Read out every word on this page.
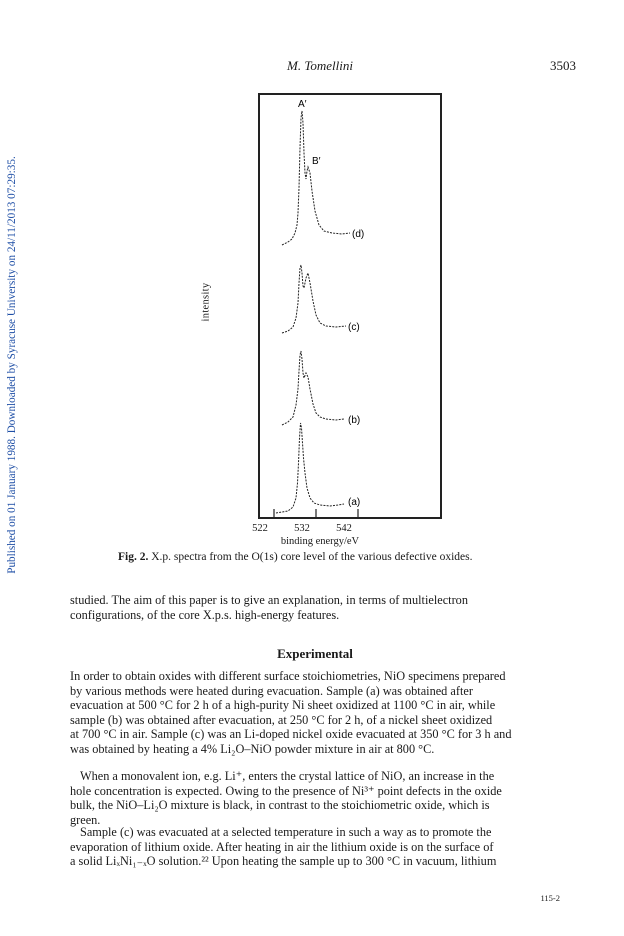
Published on 01 January 1988. Downloaded by Syracuse University on 24/11/2013 07:29:35.
M. Tomellini	3503
A′
B′
(d)
(c)
(b)
(a)
intensity
522	532	542
binding energy/eV
Fig. 2. X.p. spectra from the O(1s) core level of the various defective oxides.
studied. The aim of this paper is to give an explanation, in terms of multielectron
configurations, of the core X.p.s. high-energy features.
Experimental
In order to obtain oxides with different surface stoichiometries, NiO specimens prepared
by various methods were heated during evacuation. Sample (a) was obtained after
evacuation at 500 °C for 2 h of a high-purity Ni sheet oxidized at 1100 °C in air, while
sample (b) was obtained after evacuation, at 250 °C for 2 h, of a nickel sheet oxidized
at 700 °C in air. Sample (c) was an Li-doped nickel oxide evacuated at 350 °C for 3 h and
was obtained by heating a 4% Li₂O–NiO powder mixture in air at 800 °C.
When a monovalent ion, e.g. Li⁺, enters the crystal lattice of NiO, an increase in the
hole concentration is expected. Owing to the presence of Ni³⁺ point defects in the oxide
bulk, the NiO–Li₂O mixture is black, in contrast to the stoichiometric oxide, which is
green.
Sample (c) was evacuated at a selected temperature in such a way as to promote the
evaporation of lithium oxide. After heating in air the lithium oxide is on the surface of
a solid LiₓNi₁₋ₓO solution.²² Upon heating the sample up to 300 °C in vacuum, lithium
115-2
